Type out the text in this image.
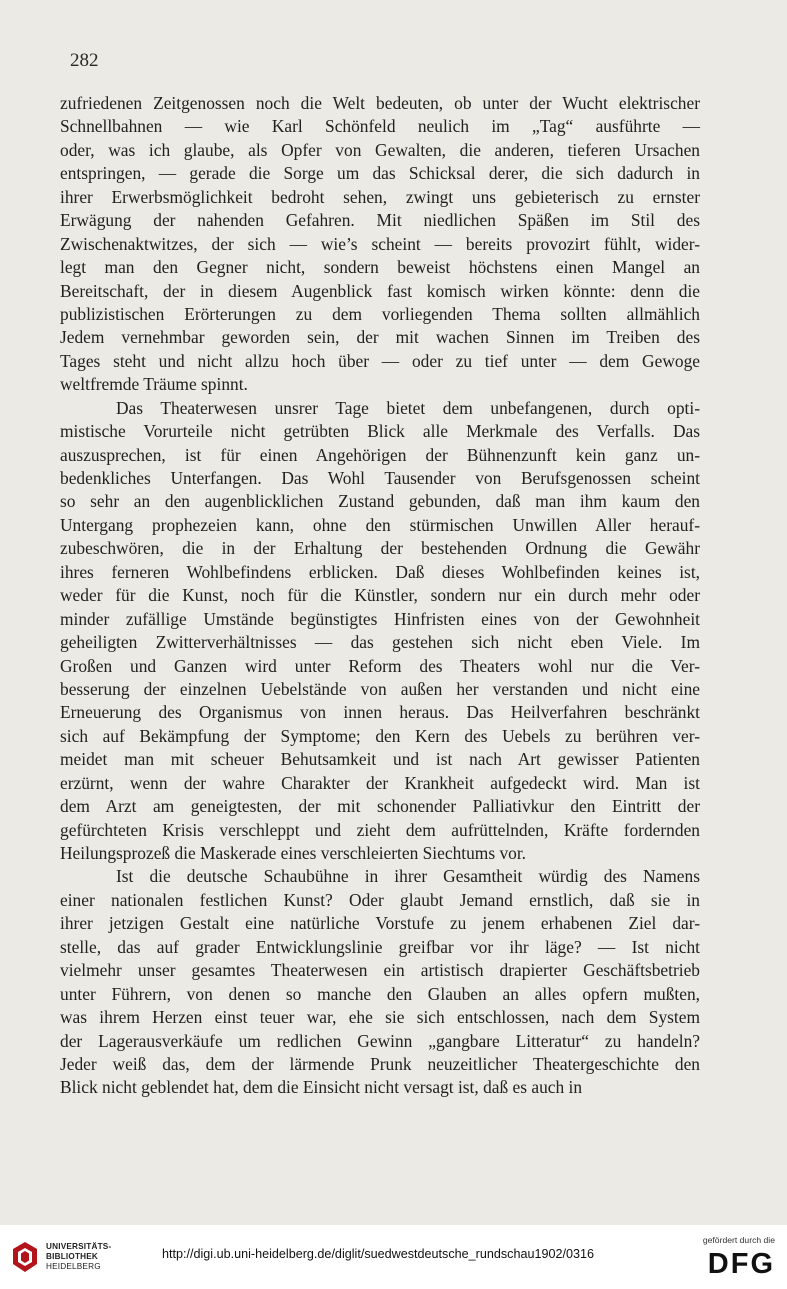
282
zufriedenen Zeitgenossen noch die Welt bedeuten, ob unter der Wucht elektrischer
Schnellbahnen — wie Karl Schönfeld neulich im „Tag“ ausführte —
oder, was ich glaube, als Opfer von Gewalten, die anderen, tieferen Ursachen
entspringen, — gerade die Sorge um das Schicksal derer, die sich dadurch in
ihrer Erwerbsmöglichkeit bedroht sehen, zwingt uns gebieterisch zu ernster
Erwägung der nahenden Gefahren. Mit niedlichen Späßen im Stil des
Zwischenaktwitzes, der sich — wie’s scheint — bereits provozirt fühlt, wider-
legt man den Gegner nicht, sondern beweist höchstens einen Mangel an
Bereitschaft, der in diesem Augenblick fast komisch wirken könnte: denn die
publizistischen Erörterungen zu dem vorliegenden Thema sollten allmählich
Jedem vernehmbar geworden sein, der mit wachen Sinnen im Treiben des
Tages steht und nicht allzu hoch über — oder zu tief unter — dem Gewoge
weltfremde Träume spinnt.
Das Theaterwesen unsrer Tage bietet dem unbefangenen, durch opti-
mistische Vorurteile nicht getrübten Blick alle Merkmale des Verfalls. Das
auszusprechen, ist für einen Angehörigen der Bühnenzunft kein ganz un-
bedenkliches Unterfangen. Das Wohl Tausender von Berufsgenossen scheint
so sehr an den augenblicklichen Zustand gebunden, daß man ihm kaum den
Untergang prophezeien kann, ohne den stürmischen Unwillen Aller herauf-
zubeschwören, die in der Erhaltung der bestehenden Ordnung die Gewähr
ihres ferneren Wohlbefindens erblicken. Daß dieses Wohlbefinden keines ist,
weder für die Kunst, noch für die Künstler, sondern nur ein durch mehr oder
minder zufällige Umstände begünstigtes Hinfristen eines von der Gewohnheit
geheiligten Zwitterverhältnisses — das gestehen sich nicht eben Viele. Im
Großen und Ganzen wird unter Reform des Theaters wohl nur die Ver-
besserung der einzelnen Uebelstände von außen her verstanden und nicht eine
Erneuerung des Organismus von innen heraus. Das Heilverfahren beschränkt
sich auf Bekämpfung der Symptome; den Kern des Uebels zu berühren ver-
meidet man mit scheuer Behutsamkeit und ist nach Art gewisser Patienten
erzürnt, wenn der wahre Charakter der Krankheit aufgedeckt wird. Man ist
dem Arzt am geneigtesten, der mit schonender Palliativkur den Eintritt der
gefürchteten Krisis verschleppt und zieht dem aufrüttelnden, Kräfte fordernden
Heilungsprozeß die Maskerade eines verschleierten Siechtums vor.
Ist die deutsche Schaubühne in ihrer Gesamtheit würdig des Namens
einer nationalen festlichen Kunst? Oder glaubt Jemand ernstlich, daß sie in
ihrer jetzigen Gestalt eine natürliche Vorstufe zu jenem erhabenen Ziel dar-
stelle, das auf grader Entwicklungslinie greifbar vor ihr läge? — Ist nicht
vielmehr unser gesamtes Theaterwesen ein artistisch drapierter Geschäftsbetrieb
unter Führern, von denen so manche den Glauben an alles opfern mußten,
was ihrem Herzen einst teuer war, ehe sie sich entschlossen, nach dem System
der Lagerausverkäufe um redlichen Gewinn „gangbare Litteratur“ zu handeln?
Jeder weiß das, dem der lärmende Prunk neuzeitlicher Theatergeschichte den
Blick nicht geblendet hat, dem die Einsicht nicht versagt ist, daß es auch in
UNIVERSITÄTS-
BIBLIOTHEK
HEIDELBERG
http://digi.ub.uni-heidelberg.de/diglit/suedwestdeutsche_rundschau1902/0316
gefördert durch die
DFG
